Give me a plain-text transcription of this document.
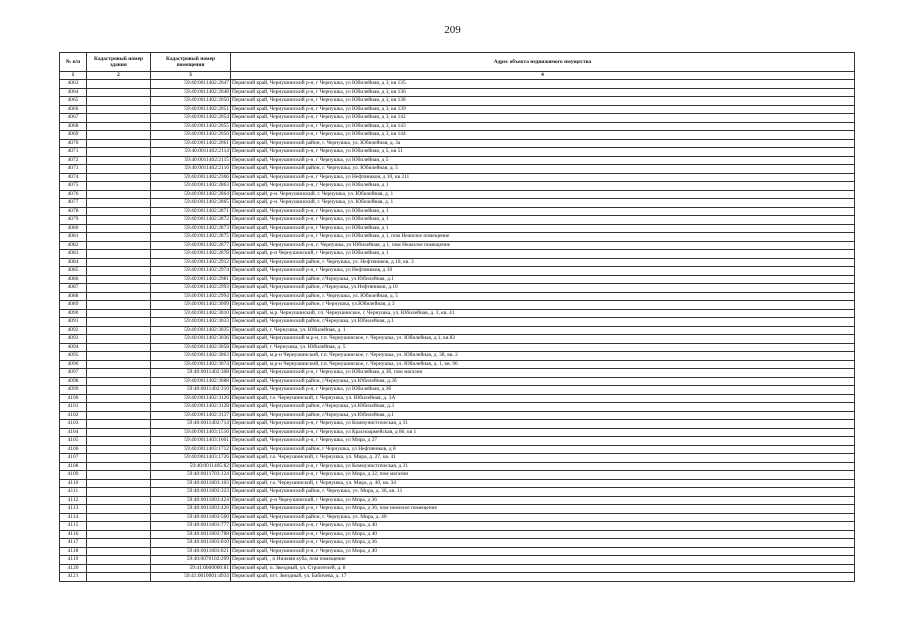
209
№ п/п	Кадастровый номер здания	Кадастровый номер помещения	Адрес объекта недвижимого имущества
1	2	3	4
4063		59:40:0011402:2047	Пермский край, Чернушинский р-н, г Чернушка, ул Юбилейная, д 3, кв 135
4064		59:40:0011402:2048	Пермский край, Чернушинский р-н, г Чернушка, ул Юбилейная, д 3, кв 136
4065		59:40:0011402:2050	Пермский край, Чернушинский р-н, г Чернушка, ул Юбилейная, д 3, кв 138
4066		59:40:0011402:2051	Пермский край, Чернушинский р-н, г Чернушка, ул Юбилейная, д 3, кв 139
4067		59:40:0011402:2054	Пермский край, Чернушинский р-н, г Чернушка, ул Юбилейная, д 3, кв 142
4068		59:40:0011402:2055	Пермский край, Чернушинский р-н, г Чернушка, ул Юбилейная, д 3, кв 143
4069		59:40:0011402:2056	Пермский край, Чернушинский р-н, г Чернушка, ул Юбилейная, д 3, кв 144
4070		59:40:0011402:2061	Пермский край, Чернушинский район, г. Чернушка, ул. Юбилейная, д. 3а
4071		59:40:0011402:2114	Пермский край, Чернушинский р-н, г Чернушка, ул Юбилейная, д 5, кв 51
4072		59:40:0011402:2115	Пермский край, Чернушинский р-н, г Чернушка, ул Юбилейная, д 5
4073		59:40:0011402:2116	Пермский край, Чернушинский район, г. Чернушка, ул. Юбилейная, д. 5
4074		59:40:0011402:2366	Пермский край, Чернушинский р-н, г Чернушка, ул Нефтяников, д 10, кв 211
4075		59:40:0011402:2863	Пермский край, Чернушинский р-н, г Чернушка, ул Юбилейная, д 1
4076		59:40:0011402:2864	Пермский край, р-н. Чернушинский, г. Чернушка, ул. Юбилейная, д. 1
4077		59:40:0011402:2865	Пермский край, р-н. Чернушинский, г. Чернушка, ул. Юбилейная, д. 1
4078		59:40:0011402:2871	Пермский край, Чернушинский р-н, г Чернушка, ул Юбилейная, д 1
4079		59:40:0011402:2872	Пермский край, Чернушинский р-н, г Чернушка, ул Юбилейная, д 1
4080		59:40:0011402:2873	Пермский край, Чернушинский р-н, г Чернушка, ул Юбилейная, д 1
4081		59:40:0011402:2875	Пермский край, Чернушинский р-н, г Чернушка, ул Юбилейная, д 1, пом Нежилое помещение
4082		59:40:0011402:2877	Пермский край, Чернушинский р-н, г. Чернушка, ул Юбилейная, д 1, пом Нежилое помещение
4083		59:40:0011402:2878	Пермский край, р-н Чернушинский, г Чернушка, ул Юбилейная, д 1
4084		59:40:0011402:2912	Пермский край, Чернушинский район, г. Чернушка, ул. Нефтяников, д 10, кв. 3
4085		59:40:0011402:2974	Пермский край, Чернушинский р-н, г Чернушка, ул Нефтяников, д 10
4086		59:40:0011402:2981	Пермский край, Чернушинский район, г.Чернушка, ул.Юбилейная, д.1
4087		59:40:0011402:2993	Пермский край, Чернушинский район, г.Чернушка, ул.Нефтяников, д.10
4088		59:40:0011402:2994	Пермский край, Чернушинский район, г. Чернушка, ул. Юбилейная, д. 5
4089		59:40:0011402:3009	Пермский край, Чернушинский район, г Чернушка, ул.Юбилейная, д 3
4090		59:40:0011402:3010	Пермский край, м.р. Чернушинский, г.п. Чернушинское, г. Чернушка, ул. Юбилейная, д. 3, кв. 41
4091		59:40:0011402:3033	Пермский край, Чернушинский район, г.Чернушка, ул.Юбилейная, д.1
4092		59:40:0011402:3035	Пермский край, г. Чернушка, ул. Юбилейная, д. 1
4093		59:40:0011402:3036	Пермский край, Чернушинский м.р-н, г.п. Чернушинское, г. Чернушка, ул. Юбилейная, д.1, кв.82
4094		59:40:0011402:3058	Пермский край, г. Чернушка, ул. Юбилейная, д. 5
4095		59:40:0011402:3063	Пермский край, м.р-н Чернушинский, г.п. Чернушинское, г. Чернушка, ул. Юбилейная, д. 3б, кв. 2
4096		59:40:0011402:3074	Пермский край, м.р-н Чернушинский, г.п. Чернушинское, г. Чернушка, ул. Юбилейная, д. 1, кв. 96
4097		59:40:0011402:308	Пермский край, Чернушинский р-н, г Чернушка, ул Юбилейная, д 3б, пом магазин
4098		59:40:0011402:3088	Пермский край, Чернушинский район, г.Чернушка, ул.Юбилейная, д.3б
4099		59:40:0011402:310	Пермский край, Чернушинский р-н, г Чернушка, ул Юбилейная, д 3б
4100		59:40:0011402:3126	Пермский край, г.о. Чернушинский, г. Чернушка, ул. Юбилейная, д. 3А
4101		59:40:0011402:3128	Пермский край, Чернушинский район, г.Чернушка, ул.Юбилейная, д.3
4102		59:40:0011402:3137	Пермский край, Чернушинский район, г.Чернушка, ул.Юбилейная, д.1
4103		59:40:0011402:714	Пермский край, Чернушинский р-н, г Чернушка, ул Коммунистическая, д 31
4104		59:40:0011403:1516	Пермский край, Чернушинский р-н, г Чернушка, ул Красноармейская, д 86, кв 1
4105		59:40:0011403:1601	Пермский край, Чернушинский р-н, г Чернушка, ул Мира, д 27
4106		59:40:0011403:1712	Пермский край, Чернушинский район, г Чернушка, ул Нефтяников, д 8
4107		59:40:0011403:1726	Пермский край, г.о. Чернушинский, г. Чернушка, ул. Мира, д. 27, кв. 41
4108		59:40:0011405:82	Пермский край, Чернушинский р-н, г Чернушка, ул Коммунистическая, д 31
4109		59:40:0011703:124	Пермский край, Чернушинский р-н, г Чернушка, ул Мира, д 22, пом магазин
4110		59:40:0011803:103	Пермский край, г.о. Чернушинский, г. Чернушка, ул. Мира, д. 40, кв. 34
4111		59:40:0011803:323	Пермский край, Чернушинский район, г. Чернушка, ул. Мира, д. 36, кв. 11
4112		59:40:0011803:424	Пермский край, р-н Чернушинский, г Чернушка, ул Мира, д 36
4113		59:40:0011803:426	Пермский край, Чернушинский р-н, г Чернушка, ул Мира, д 36, пом нежилое помещение
4114		59:40:0011803:560	Пермский край, Чернушинский район, г. Чернушка, ул. Мира, д. 40
4115		59:40:0011803:777	Пермский край, Чернушинский р-н, г Чернушка, ул Мира, д 40
4116		59:40:0011803:788	Пермский край, Чернушинский р-н, г Чернушка, ул Мира, д 40
4117		59:40:0011803:810	Пермский край, Чернушинский р-н, г Чернушка, ул Мира, д 36
4118		59:40:0011803:821	Пермский край, Чернушинский р-н, г Чернушка, ул Мира, д 40
4119		59:40:0070102:209	Пермский край, , п Нижняя куба, пом помещение
4120		59:41:0000000:81	Пермский край, п. Звездный, ул. Строителей, д. 8
4121		59:41:0010001:4934	Пермский край, пгт. Звездный, ул. Бабичева, д. 17
